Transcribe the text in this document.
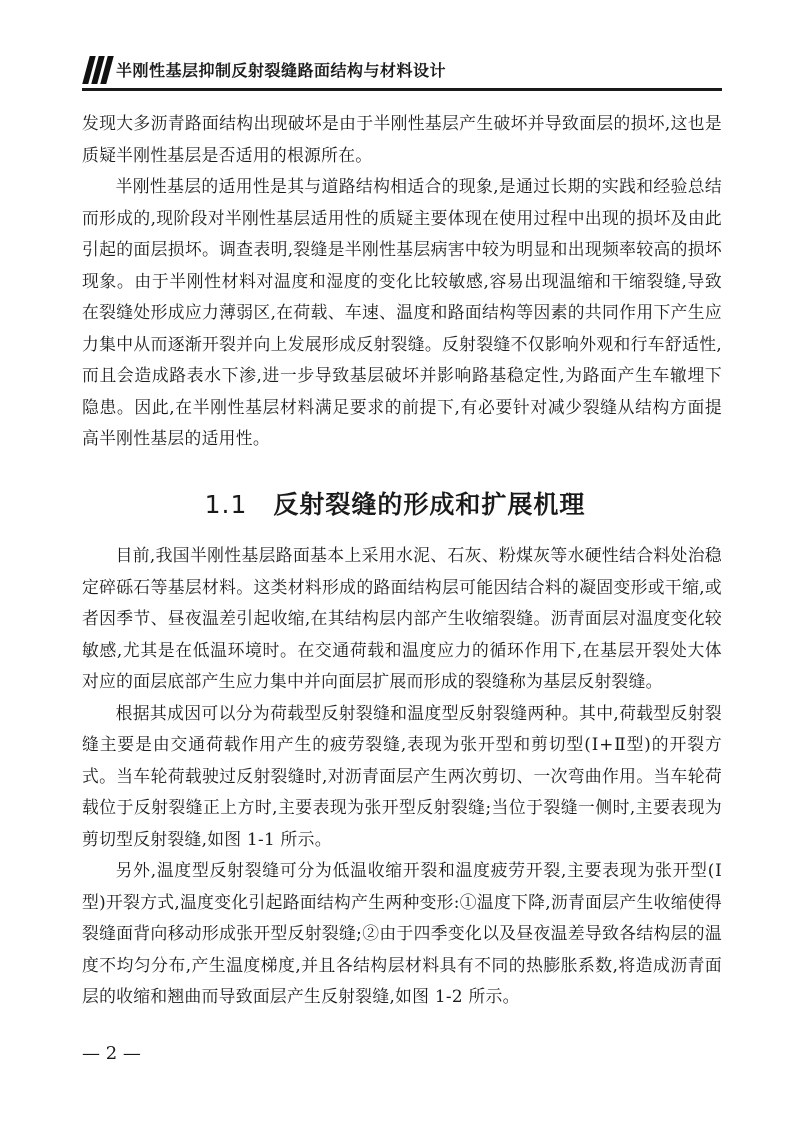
半刚性基层抑制反射裂缝路面结构与材料设计

发现大多沥青路面结构出现破坏是由于半刚性基层产生破坏并导致面层的损坏,这也是质疑半刚性基层是否适用的根源所在。

半刚性基层的适用性是其与道路结构相适合的现象,是通过长期的实践和经验总结而形成的,现阶段对半刚性基层适用性的质疑主要体现在使用过程中出现的损坏及由此引起的面层损坏。调查表明,裂缝是半刚性基层病害中较为明显和出现频率较高的损坏现象。由于半刚性材料对温度和湿度的变化比较敏感,容易出现温缩和干缩裂缝,导致在裂缝处形成应力薄弱区,在荷载、车速、温度和路面结构等因素的共同作用下产生应力集中从而逐渐开裂并向上发展形成反射裂缝。反射裂缝不仅影响外观和行车舒适性,而且会造成路表水下渗,进一步导致基层破坏并影响路基稳定性,为路面产生车辙埋下隐患。因此,在半刚性基层材料满足要求的前提下,有必要针对减少裂缝从结构方面提高半刚性基层的适用性。

1.1 反射裂缝的形成和扩展机理

目前,我国半刚性基层路面基本上采用水泥、石灰、粉煤灰等水硬性结合料处治稳定碎砾石等基层材料。这类材料形成的路面结构层可能因结合料的凝固变形或干缩,或者因季节、昼夜温差引起收缩,在其结构层内部产生收缩裂缝。沥青面层对温度变化较敏感,尤其是在低温环境时。在交通荷载和温度应力的循环作用下,在基层开裂处大体对应的面层底部产生应力集中并向面层扩展而形成的裂缝称为基层反射裂缝。

根据其成因可以分为荷载型反射裂缝和温度型反射裂缝两种。其中,荷载型反射裂缝主要是由交通荷载作用产生的疲劳裂缝,表现为张开型和剪切型(Ⅰ+Ⅱ型)的开裂方式。当车轮荷载驶过反射裂缝时,对沥青面层产生两次剪切、一次弯曲作用。当车轮荷载位于反射裂缝正上方时,主要表现为张开型反射裂缝;当位于裂缝一侧时,主要表现为剪切型反射裂缝,如图 1-1 所示。

另外,温度型反射裂缝可分为低温收缩开裂和温度疲劳开裂,主要表现为张开型(Ⅰ型)开裂方式,温度变化引起路面结构产生两种变形:①温度下降,沥青面层产生收缩使得裂缝面背向移动形成张开型反射裂缝;②由于四季变化以及昼夜温差导致各结构层的温度不均匀分布,产生温度梯度,并且各结构层材料具有不同的热膨胀系数,将造成沥青面层的收缩和翘曲而导致面层产生反射裂缝,如图 1-2 所示。

— 2 —
